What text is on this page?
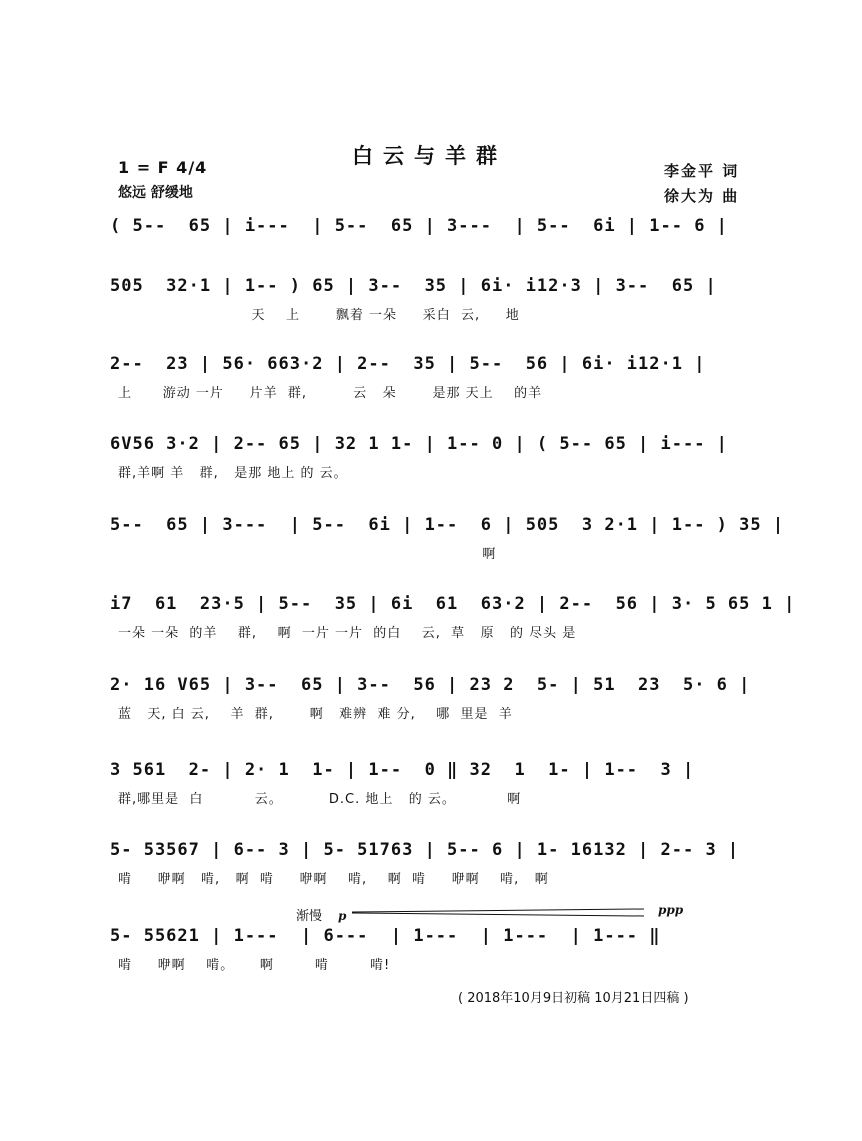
白云与羊群
1 = F 4/4
悠远 舒缓地
李金平 词
徐大为 曲
( 5--  65 | i---  | 5--  65 | 3---  | 5--  6i | 1-- 6 |
505  32·1 | 1-- ) 65 | 3--  35 | 6i· i12·3 | 3--  65 |
天    上       飘着 一朵     采白  云,     地
2--  23 | 56· 663·2 | 2--  35 | 5--  56 | 6i· i12·1 |
上      游动 一片     片羊  群,         云   朵       是那 天上    的羊
6V56 3·2 | 2-- 65 | 32 1 1- | 1-- 0 | ( 5-- 65 | i--- |
群,羊啊 羊   群,   是那 地上 的 云。
5--  65 | 3---  | 5--  6i | 1--  6 | 505  3 2·1 | 1-- ) 35 |
啊
i7  61  23·5 | 5--  35 | 6i  61  63·2 | 2--  56 | 3· 5 65 1 |
一朵 一朵  的羊    群,    啊  一片 一片  的白    云,  草   原   的 尽头 是
2· 16 V65 | 3--  65 | 3--  56 | 23 2  5- | 51  23  5· 6 |
蓝   天, 白 云,    羊  群,       啊   难辨  难 分,    哪  里是  羊
3 561  2- | 2· 1  1- | 1--  0 ‖ 32  1  1- | 1--  3 |
群,哪里是  白          云。         D.C. 地上   的 云。          啊
5- 53567 | 6-- 3 | 5- 51763 | 5-- 6 | 1- 16132 | 2-- 3 |
啃     咿啊   啃,   啊  啃     咿啊    啃,    啊  啃     咿啊    啃,   啊
5- 55621 | 1---  | 6---  | 1---  | 1---  | 1--- ‖
啃     咿啊    啃。     啊        啃        啃!
渐慢 p	ppp
( 2018年10月9日初稿 10月21日四稿 )
